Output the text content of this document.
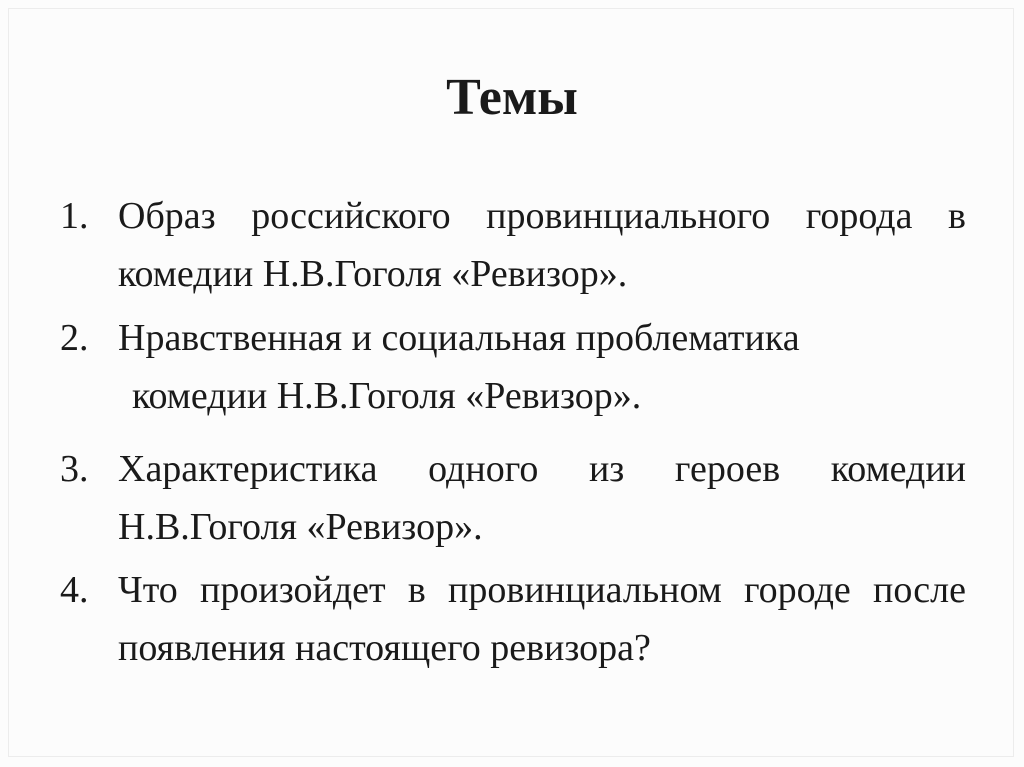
Темы
1. Образ российского провинциального города в комедии Н.В.Гоголя «Ревизор».
2. Нравственная и социальная проблематика
комедии Н.В.Гоголя «Ревизор».
3. Характеристика одного из героев комедии Н.В.Гоголя «Ревизор».
4. Что произойдет в провинциальном городе после появления настоящего ревизора?
